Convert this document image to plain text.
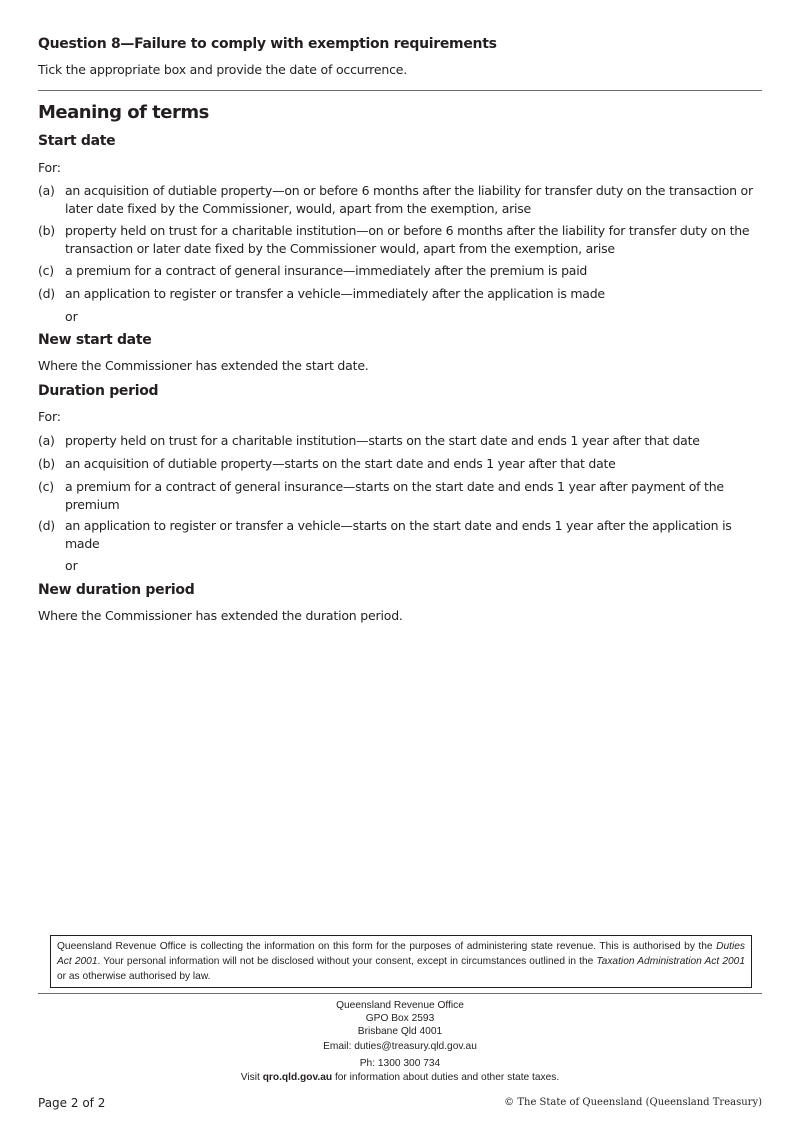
Question 8—Failure to comply with exemption requirements
Tick the appropriate box and provide the date of occurrence.
Meaning of terms
Start date
For:
(a) an acquisition of dutiable property—on or before 6 months after the liability for transfer duty on the transaction or later date fixed by the Commissioner, would, apart from the exemption, arise
(b) property held on trust for a charitable institution—on or before 6 months after the liability for transfer duty on the transaction or later date fixed by the Commissioner would, apart from the exemption, arise
(c) a premium for a contract of general insurance—immediately after the premium is paid
(d) an application to register or transfer a vehicle—immediately after the application is made
or
New start date
Where the Commissioner has extended the start date.
Duration period
For:
(a) property held on trust for a charitable institution—starts on the start date and ends 1 year after that date
(b) an acquisition of dutiable property—starts on the start date and ends 1 year after that date
(c) a premium for a contract of general insurance—starts on the start date and ends 1 year after payment of the premium
(d) an application to register or transfer a vehicle—starts on the start date and ends 1 year after the application is made
or
New duration period
Where the Commissioner has extended the duration period.
Queensland Revenue Office is collecting the information on this form for the purposes of administering state revenue. This is authorised by the Duties Act 2001. Your personal information will not be disclosed without your consent, except in circumstances outlined in the Taxation Administration Act 2001 or as otherwise authorised by law.
Queensland Revenue Office
GPO Box 2593
Brisbane Qld 4001
Email: duties@treasury.qld.gov.au
Ph: 1300 300 734
Visit qro.qld.gov.au for information about duties and other state taxes.
Page 2 of 2	© The State of Queensland (Queensland Treasury)
